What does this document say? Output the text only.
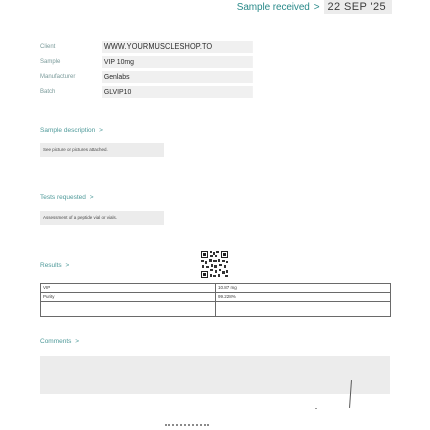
Sample received > 22 SEP '25
Client	WWW.YOURMUSCLESHOP.TO
Sample	VIP 10mg
Manufacturer	Genlabs
Batch	GLVIP10
Sample description >
See picture or pictures attached.
Tests requested >
Assessment of a peptide vial or vials.
Results >
VIP	10.87 mg
Purity	99.228%

Comments >
